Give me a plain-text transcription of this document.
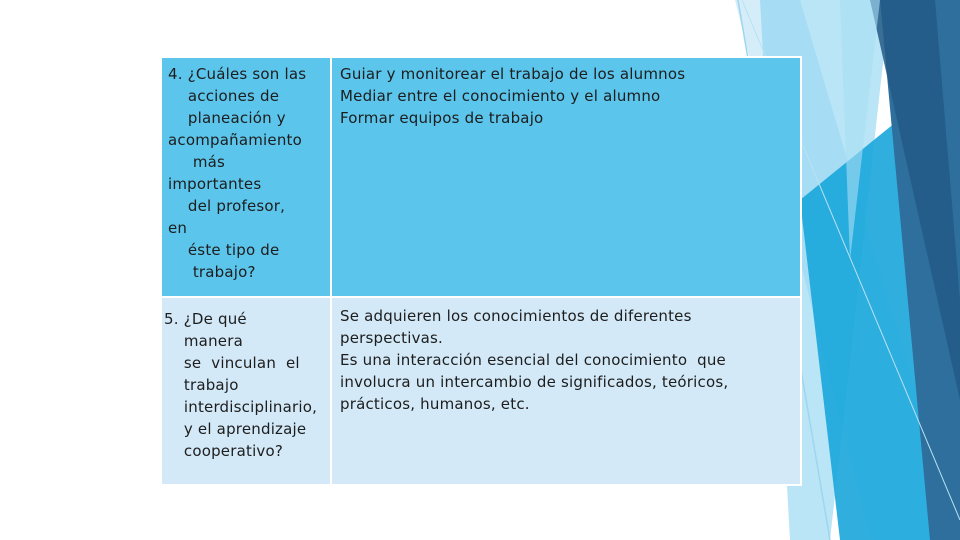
4. ¿Cuáles son las
acciones de
planeación y
acompañamiento
más
importantes
del profesor,
en
éste tipo de
trabajo?
Guiar y monitorear el trabajo de los alumnos
Mediar entre el conocimiento y el alumno
Formar equipos de trabajo
5. ¿De qué
manera
se  vinculan  el
trabajo
interdisciplinario,
y el aprendizaje
cooperativo?
Se adquieren los conocimientos de diferentes
perspectivas.
Es una interacción esencial del conocimiento  que
involucra un intercambio de significados, teóricos,
prácticos, humanos, etc.
